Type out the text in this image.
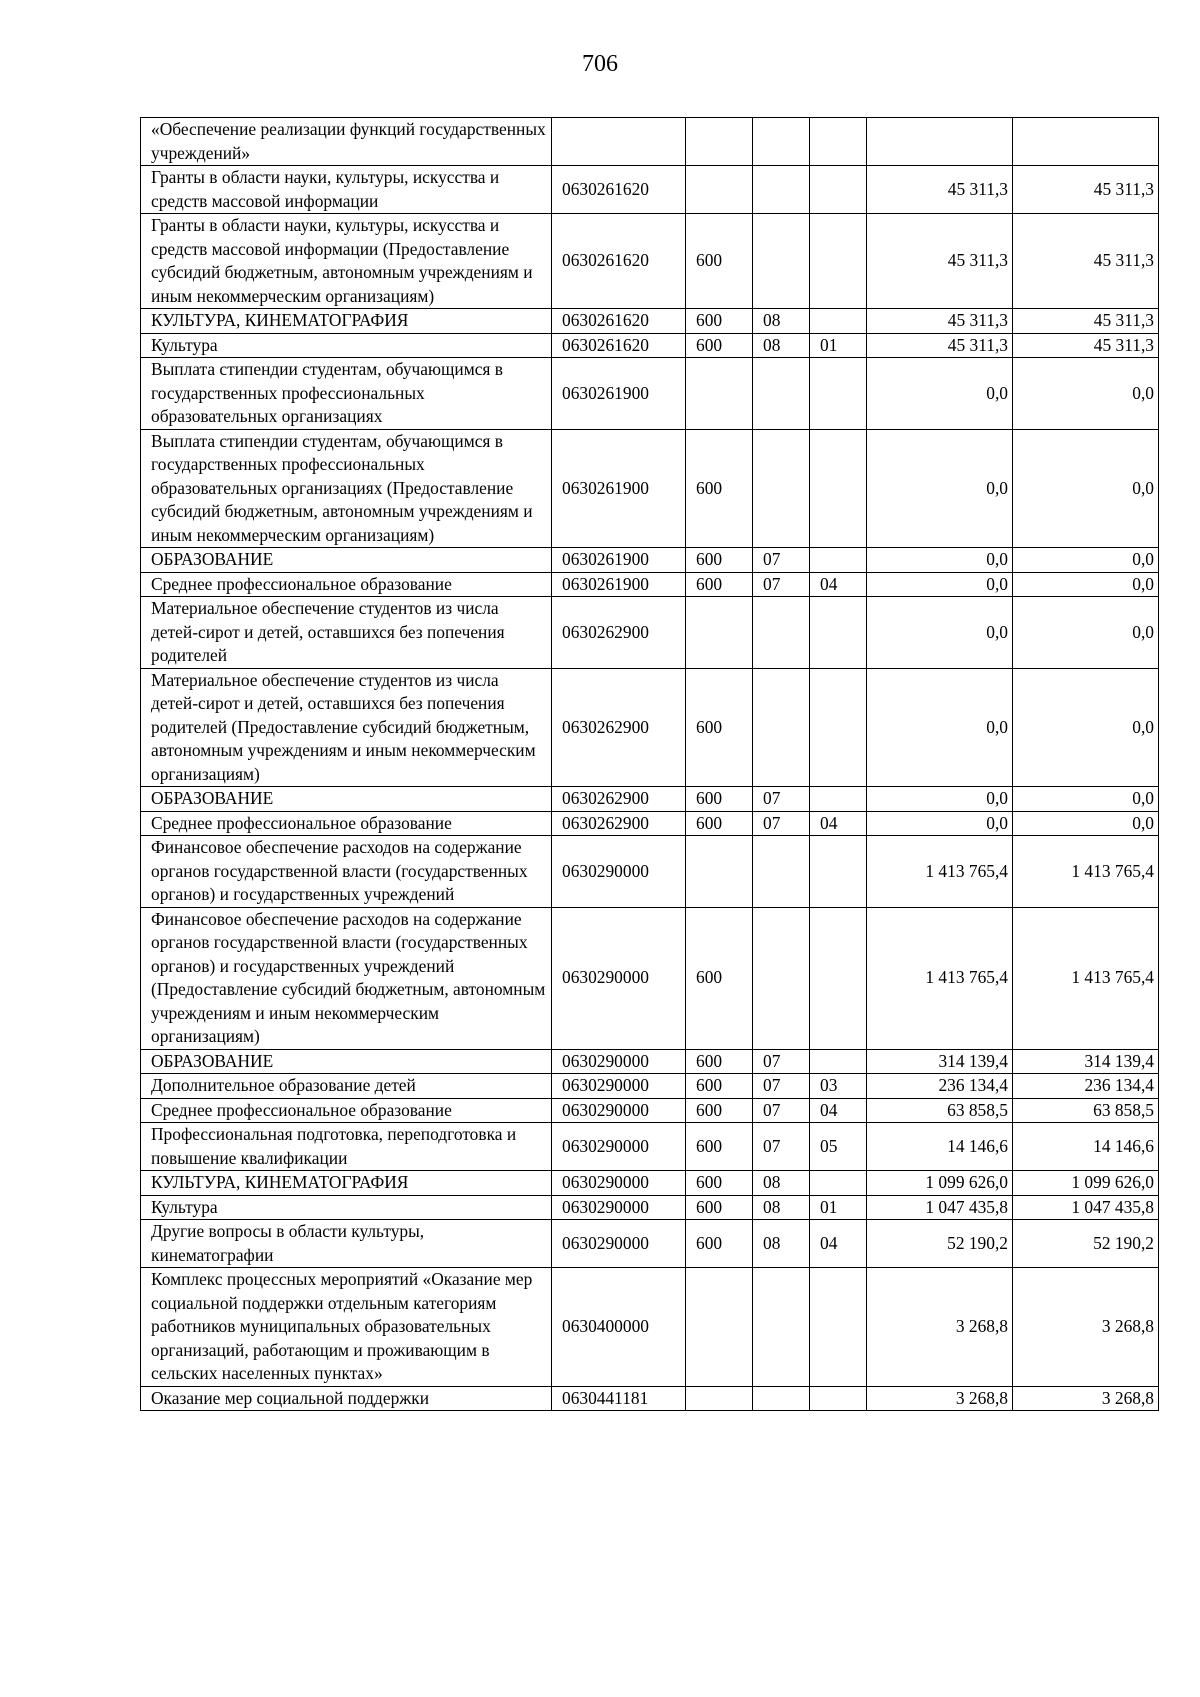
706
«Обеспечение реализации функций государственных учреждений»						
Гранты в области науки, культуры, искусства и средств массовой информации	0630261620				45 311,3	45 311,3
Гранты в области науки, культуры, искусства и средств массовой информации (Предоставление субсидий бюджетным, автономным учреждениям и иным некоммерческим организациям)	0630261620	600			45 311,3	45 311,3
КУЛЬТУРА, КИНЕМАТОГРАФИЯ	0630261620	600	08		45 311,3	45 311,3
Культура	0630261620	600	08	01	45 311,3	45 311,3
Выплата стипендии студентам, обучающимся в государственных профессиональных образовательных организациях	0630261900				0,0	0,0
Выплата стипендии студентам, обучающимся в государственных профессиональных образовательных организациях (Предоставление субсидий бюджетным, автономным учреждениям и иным некоммерческим организациям)	0630261900	600			0,0	0,0
ОБРАЗОВАНИЕ	0630261900	600	07		0,0	0,0
Среднее профессиональное образование	0630261900	600	07	04	0,0	0,0
Материальное обеспечение студентов из числа детей-сирот и детей, оставшихся без попечения родителей	0630262900				0,0	0,0
Материальное обеспечение студентов из числа детей-сирот и детей, оставшихся без попечения родителей (Предоставление субсидий бюджетным, автономным учреждениям и иным некоммерческим организациям)	0630262900	600			0,0	0,0
ОБРАЗОВАНИЕ	0630262900	600	07		0,0	0,0
Среднее профессиональное образование	0630262900	600	07	04	0,0	0,0
Финансовое обеспечение расходов на содержание органов государственной власти (государственных органов) и государственных учреждений	0630290000				1 413 765,4	1 413 765,4
Финансовое обеспечение расходов на содержание органов государственной власти (государственных органов) и государственных учреждений (Предоставление субсидий бюджетным, автономным учреждениям и иным некоммерческим организациям)	0630290000	600			1 413 765,4	1 413 765,4
ОБРАЗОВАНИЕ	0630290000	600	07		314 139,4	314 139,4
Дополнительное образование детей	0630290000	600	07	03	236 134,4	236 134,4
Среднее профессиональное образование	0630290000	600	07	04	63 858,5	63 858,5
Профессиональная подготовка, переподготовка и повышение квалификации	0630290000	600	07	05	14 146,6	14 146,6
КУЛЬТУРА, КИНЕМАТОГРАФИЯ	0630290000	600	08		1 099 626,0	1 099 626,0
Культура	0630290000	600	08	01	1 047 435,8	1 047 435,8
Другие вопросы в области культуры, кинематографии	0630290000	600	08	04	52 190,2	52 190,2
Комплекс процессных мероприятий «Оказание мер социальной поддержки отдельным категориям работников муниципальных образовательных организаций, работающим и проживающим в сельских населенных пунктах»	0630400000				3 268,8	3 268,8
Оказание мер социальной поддержки	0630441181				3 268,8	3 268,8
